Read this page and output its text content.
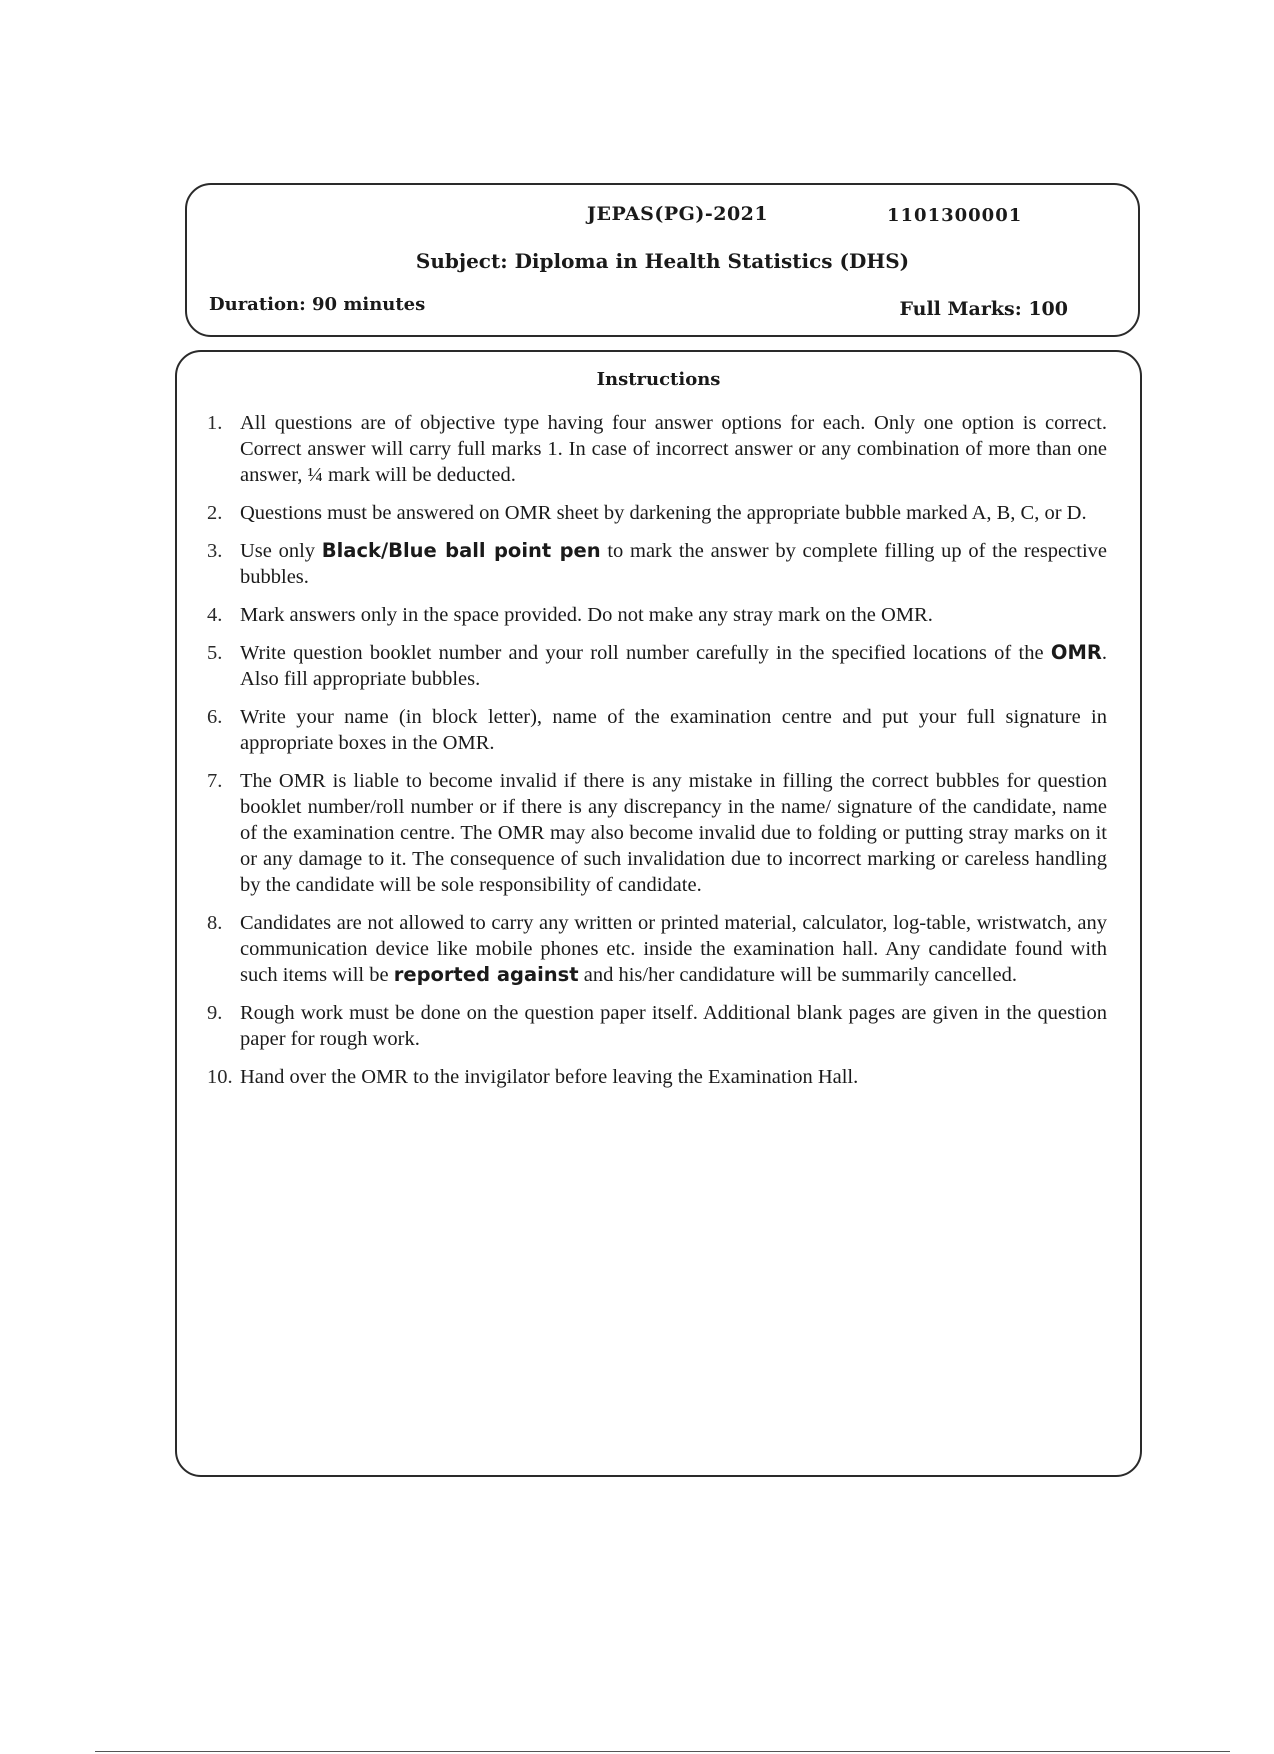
JEPAS(PG)-2021	1101300001
Subject: Diploma in Health Statistics (DHS)
Duration: 90 minutes	Full Marks: 100
Instructions
1. All questions are of objective type having four answer options for each. Only one option is correct. Correct answer will carry full marks 1. In case of incorrect answer or any combination of more than one answer, ¼ mark will be deducted.
2. Questions must be answered on OMR sheet by darkening the appropriate bubble marked A, B, C, or D.
3. Use only Black/Blue ball point pen to mark the answer by complete filling up of the respective bubbles.
4. Mark answers only in the space provided. Do not make any stray mark on the OMR.
5. Write question booklet number and your roll number carefully in the specified locations of the OMR. Also fill appropriate bubbles.
6. Write your name (in block letter), name of the examination centre and put your full signature in appropriate boxes in the OMR.
7. The OMR is liable to become invalid if there is any mistake in filling the correct bubbles for question booklet number/roll number or if there is any discrepancy in the name/ signature of the candidate, name of the examination centre. The OMR may also become invalid due to folding or putting stray marks on it or any damage to it. The consequence of such invalidation due to incorrect marking or careless handling by the candidate will be sole responsibility of candidate.
8. Candidates are not allowed to carry any written or printed material, calculator, log-table, wristwatch, any communication device like mobile phones etc. inside the examination hall. Any candidate found with such items will be reported against and his/her candidature will be summarily cancelled.
9. Rough work must be done on the question paper itself. Additional blank pages are given in the question paper for rough work.
10. Hand over the OMR to the invigilator before leaving the Examination Hall.
